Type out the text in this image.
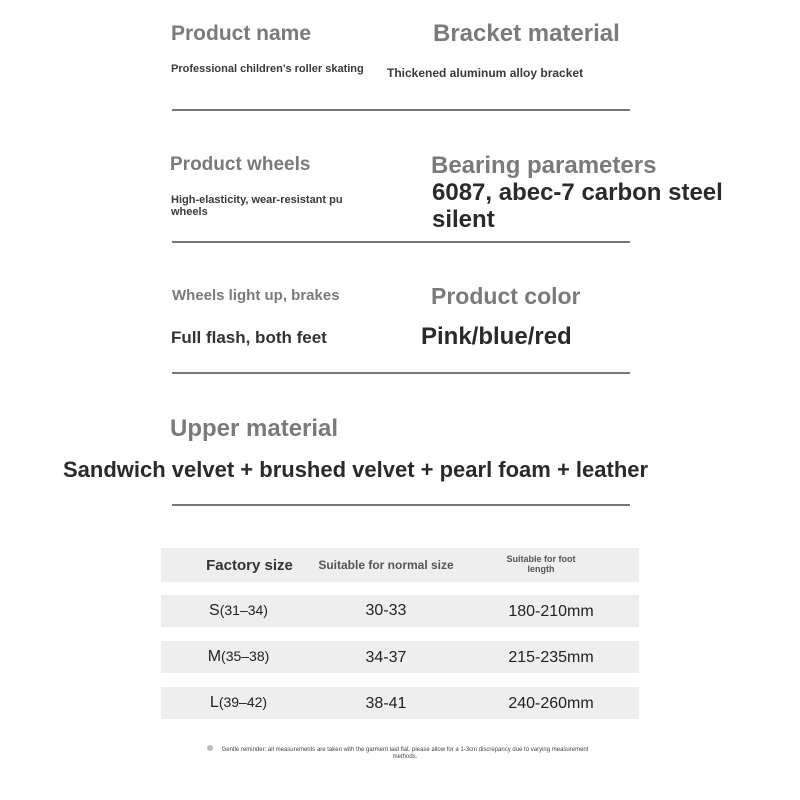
Product name
Professional children's roller skating
Bracket material
Thickened aluminum alloy bracket
Product wheels
High-elasticity, wear-resistant pu wheels
Bearing parameters
6087, abec-7 carbon steel silent
Wheels light up, brakes
Full flash, both feet
Product color
Pink/blue/red
Upper material
Sandwich velvet + brushed velvet + pearl foam + leather
Factory size	Suitable for normal size	Suitable for foot length
S(31–34)	30-33	180-210mm
M(35–38)	34-37	215-235mm
L(39–42)	38-41	240-260mm
Gentle reminder: all measurements are taken with the garment laid flat. please allow for a 1-3cm discrepancy due to varying measurement methods.
